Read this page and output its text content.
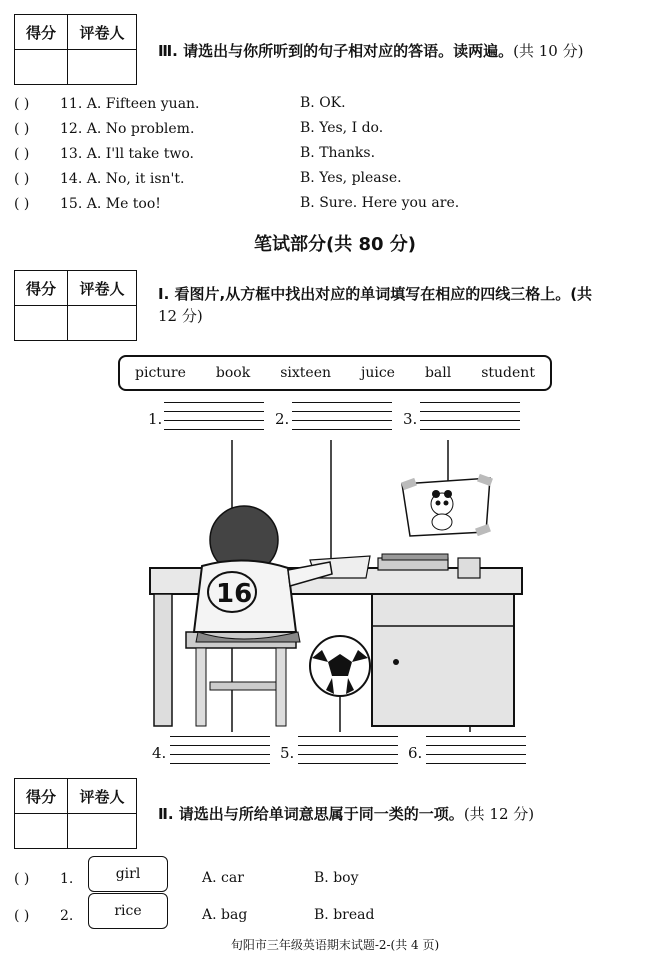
得分	评卷人

Ⅲ. 请选出与你所听到的句子相对应的答语。读两遍。(共 10 分)
( ) 11. A. Fifteen yuan.	B. OK.
( ) 12. A. No problem.	B. Yes, I do.
( ) 13. A. I'll take two.	B. Thanks.
( ) 14. A. No, it isn't.	B. Yes, please.
( ) 15. A. Me too!	B. Sure. Here you are.
笔试部分(共 80 分)
得分	评卷人
	Ⅰ. 看图片,从方框中找出对应的单词填写在相应的四线三格上。(共
12 分)
picture book sixteen juice ball student
1.	2.	3.
16
4.	5.	6.
得分	评卷人

Ⅱ. 请选出与所给单词意思属于同一类的一项。(共 12 分)
( ) 1.	girl	A. car	B. boy
( ) 2.	rice	A. bag	B. bread
旬阳市三年级英语期末试题-2-(共 4 页)
